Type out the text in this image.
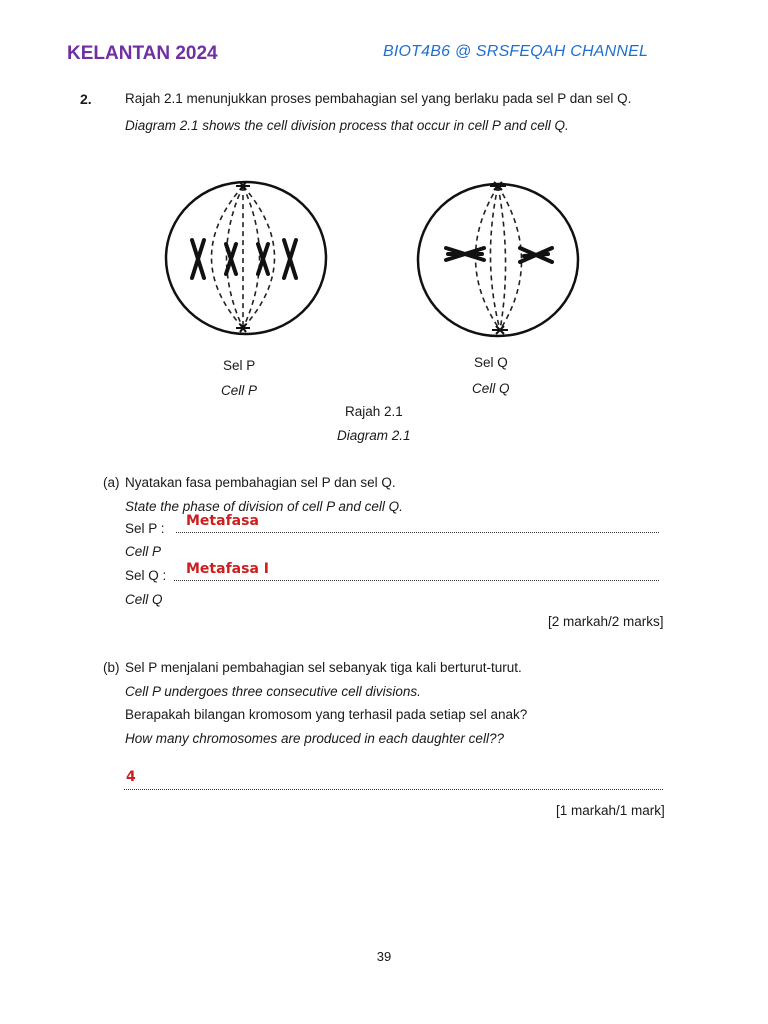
KELANTAN 2024	BIOT4B6 @ SRSFEQAH CHANNEL
2. Rajah 2.1 menunjukkan proses pembahagian sel yang berlaku pada sel P dan sel Q.
Diagram 2.1 shows the cell division process that occur in cell P and cell Q.
Sel P
Cell P
Sel Q
Cell Q
Rajah 2.1
Diagram 2.1
(a) Nyatakan fasa pembahagian sel P dan sel Q.
State the phase of division of cell P and cell Q.
Sel P : Metafasa
Cell P
Sel Q : Metafasa I
Cell Q
[2 markah/2 marks]
(b) Sel P menjalani pembahagian sel sebanyak tiga kali berturut-turut.
Cell P undergoes three consecutive cell divisions.
Berapakah bilangan kromosom yang terhasil pada setiap sel anak?
How many chromosomes are produced in each daughter cell??
4
[1 markah/1 mark]
39
